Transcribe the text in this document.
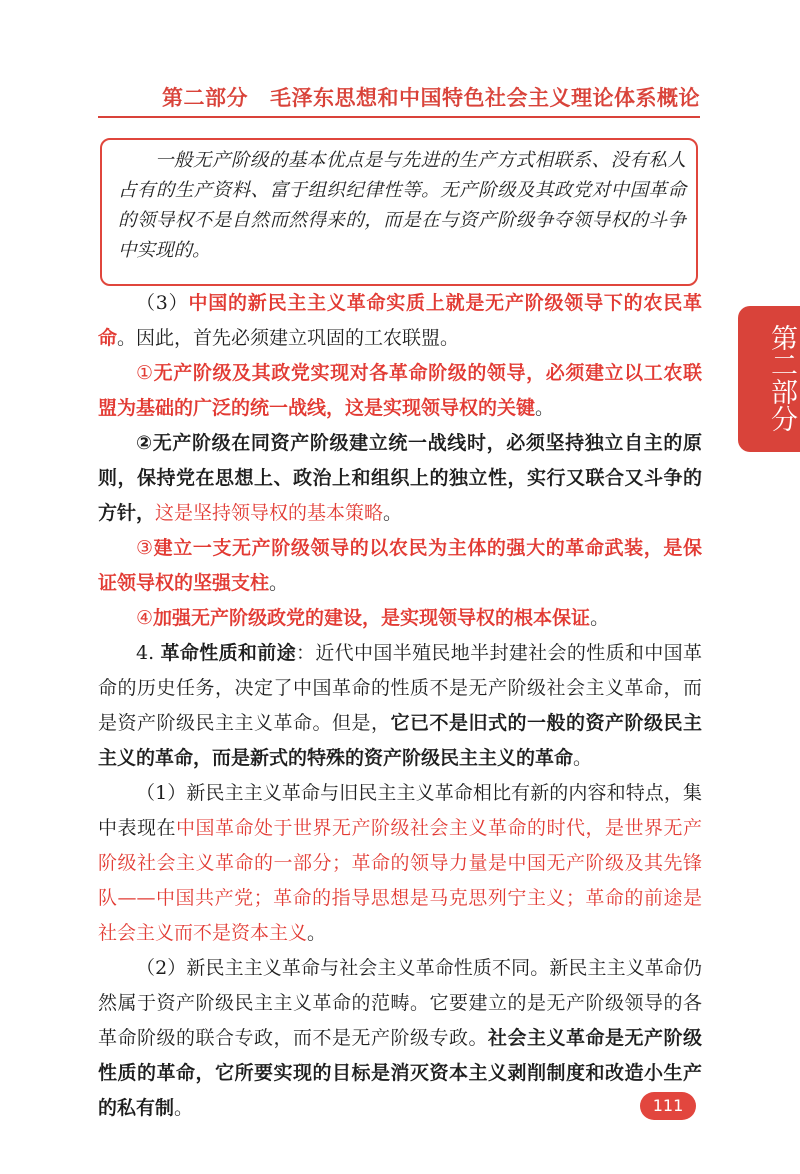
第二部分 毛泽东思想和中国特色社会主义理论体系概论

一般无产阶级的基本优点是与先进的生产方式相联系、没有私人占有的生产资料、富于组织纪律性等。无产阶级及其政党对中国革命的领导权不是自然而然得来的，而是在与资产阶级争夺领导权的斗争中实现的。

第二部分

（3）中国的新民主主义革命实质上就是无产阶级领导下的农民革命。因此，首先必须建立巩固的工农联盟。

①无产阶级及其政党实现对各革命阶级的领导，必须建立以工农联盟为基础的广泛的统一战线，这是实现领导权的关键。

②无产阶级在同资产阶级建立统一战线时，必须坚持独立自主的原则，保持党在思想上、政治上和组织上的独立性，实行又联合又斗争的方针，这是坚持领导权的基本策略。

③建立一支无产阶级领导的以农民为主体的强大的革命武装，是保证领导权的坚强支柱。

④加强无产阶级政党的建设，是实现领导权的根本保证。

4. 革命性质和前途：近代中国半殖民地半封建社会的性质和中国革命的历史任务，决定了中国革命的性质不是无产阶级社会主义革命，而是资产阶级民主主义革命。但是，它已不是旧式的一般的资产阶级民主主义的革命，而是新式的特殊的资产阶级民主主义的革命。

（1）新民主主义革命与旧民主主义革命相比有新的内容和特点，集中表现在中国革命处于世界无产阶级社会主义革命的时代，是世界无产阶级社会主义革命的一部分；革命的领导力量是中国无产阶级及其先锋队——中国共产党；革命的指导思想是马克思列宁主义；革命的前途是社会主义而不是资本主义。

（2）新民主主义革命与社会主义革命性质不同。新民主主义革命仍然属于资产阶级民主主义革命的范畴。它要建立的是无产阶级领导的各革命阶级的联合专政，而不是无产阶级专政。社会主义革命是无产阶级性质的革命，它所要实现的目标是消灭资本主义剥削制度和改造小生产的私有制。	111
